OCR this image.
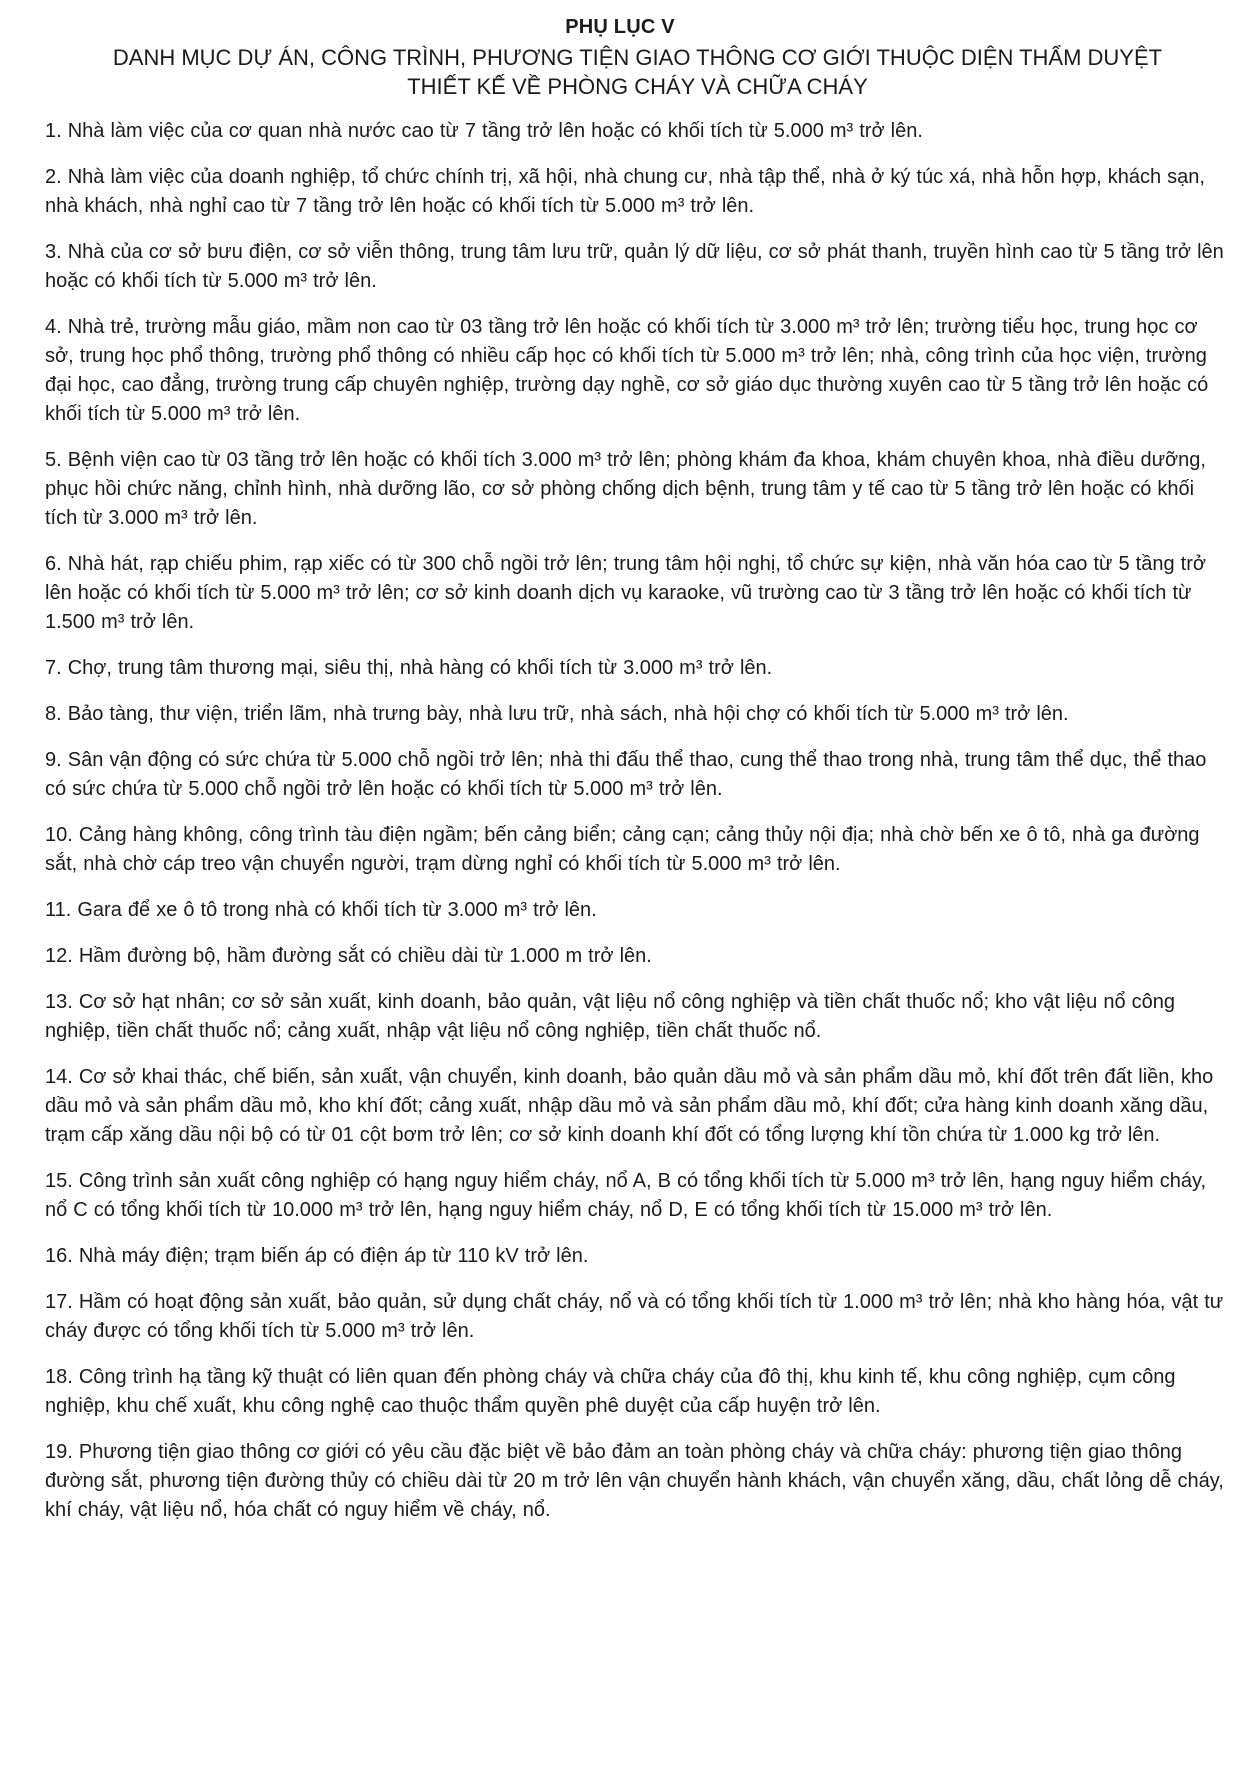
PHỤ LỤC V
DANH MỤC DỰ ÁN, CÔNG TRÌNH, PHƯƠNG TIỆN GIAO THÔNG CƠ GIỚI THUỘC DIỆN THẨM DUYỆT THIẾT KẾ VỀ PHÒNG CHÁY VÀ CHỮA CHÁY

1. Nhà làm việc của cơ quan nhà nước cao từ 7 tầng trở lên hoặc có khối tích từ 5.000 m³ trở lên.

2. Nhà làm việc của doanh nghiệp, tổ chức chính trị, xã hội, nhà chung cư, nhà tập thể, nhà ở ký túc xá, nhà hỗn hợp, khách sạn, nhà khách, nhà nghỉ cao từ 7 tầng trở lên hoặc có khối tích từ 5.000 m³ trở lên.

3. Nhà của cơ sở bưu điện, cơ sở viễn thông, trung tâm lưu trữ, quản lý dữ liệu, cơ sở phát thanh, truyền hình cao từ 5 tầng trở lên hoặc có khối tích từ 5.000 m³ trở lên.

4. Nhà trẻ, trường mẫu giáo, mầm non cao từ 03 tầng trở lên hoặc có khối tích từ 3.000 m³ trở lên; trường tiểu học, trung học cơ sở, trung học phổ thông, trường phổ thông có nhiều cấp học có khối tích từ 5.000 m³ trở lên; nhà, công trình của học viện, trường đại học, cao đẳng, trường trung cấp chuyên nghiệp, trường dạy nghề, cơ sở giáo dục thường xuyên cao từ 5 tầng trở lên hoặc có khối tích từ 5.000 m³ trở lên.

5. Bệnh viện cao từ 03 tầng trở lên hoặc có khối tích 3.000 m³ trở lên; phòng khám đa khoa, khám chuyên khoa, nhà điều dưỡng, phục hồi chức năng, chỉnh hình, nhà dưỡng lão, cơ sở phòng chống dịch bệnh, trung tâm y tế cao từ 5 tầng trở lên hoặc có khối tích từ 3.000 m³ trở lên.

6. Nhà hát, rạp chiếu phim, rạp xiếc có từ 300 chỗ ngồi trở lên; trung tâm hội nghị, tổ chức sự kiện, nhà văn hóa cao từ 5 tầng trở lên hoặc có khối tích từ 5.000 m³ trở lên; cơ sở kinh doanh dịch vụ karaoke, vũ trường cao từ 3 tầng trở lên hoặc có khối tích từ 1.500 m³ trở lên.

7. Chợ, trung tâm thương mại, siêu thị, nhà hàng có khối tích từ 3.000 m³ trở lên.

8. Bảo tàng, thư viện, triển lãm, nhà trưng bày, nhà lưu trữ, nhà sách, nhà hội chợ có khối tích từ 5.000 m³ trở lên.

9. Sân vận động có sức chứa từ 5.000 chỗ ngồi trở lên; nhà thi đấu thể thao, cung thể thao trong nhà, trung tâm thể dục, thể thao có sức chứa từ 5.000 chỗ ngồi trở lên hoặc có khối tích từ 5.000 m³ trở lên.

10. Cảng hàng không, công trình tàu điện ngầm; bến cảng biển; cảng cạn; cảng thủy nội địa; nhà chờ bến xe ô tô, nhà ga đường sắt, nhà chờ cáp treo vận chuyển người, trạm dừng nghỉ có khối tích từ 5.000 m³ trở lên.

11. Gara để xe ô tô trong nhà có khối tích từ 3.000 m³ trở lên.

12. Hầm đường bộ, hầm đường sắt có chiều dài từ 1.000 m trở lên.

13. Cơ sở hạt nhân; cơ sở sản xuất, kinh doanh, bảo quản, vật liệu nổ công nghiệp và tiền chất thuốc nổ; kho vật liệu nổ công nghiệp, tiền chất thuốc nổ; cảng xuất, nhập vật liệu nổ công nghiệp, tiền chất thuốc nổ.

14. Cơ sở khai thác, chế biến, sản xuất, vận chuyển, kinh doanh, bảo quản dầu mỏ và sản phẩm dầu mỏ, khí đốt trên đất liền, kho dầu mỏ và sản phẩm dầu mỏ, kho khí đốt; cảng xuất, nhập dầu mỏ và sản phẩm dầu mỏ, khí đốt; cửa hàng kinh doanh xăng dầu, trạm cấp xăng dầu nội bộ có từ 01 cột bơm trở lên; cơ sở kinh doanh khí đốt có tổng lượng khí tồn chứa từ 1.000 kg trở lên.

15. Công trình sản xuất công nghiệp có hạng nguy hiểm cháy, nổ A, B có tổng khối tích từ 5.000 m³ trở lên, hạng nguy hiểm cháy, nổ C có tổng khối tích từ 10.000 m³ trở lên, hạng nguy hiểm cháy, nổ D, E có tổng khối tích từ 15.000 m³ trở lên.

16. Nhà máy điện; trạm biến áp có điện áp từ 110 kV trở lên.

17. Hầm có hoạt động sản xuất, bảo quản, sử dụng chất cháy, nổ và có tổng khối tích từ 1.000 m³ trở lên; nhà kho hàng hóa, vật tư cháy được có tổng khối tích từ 5.000 m³ trở lên.

18. Công trình hạ tầng kỹ thuật có liên quan đến phòng cháy và chữa cháy của đô thị, khu kinh tế, khu công nghiệp, cụm công nghiệp, khu chế xuất, khu công nghệ cao thuộc thẩm quyền phê duyệt của cấp huyện trở lên.

19. Phương tiện giao thông cơ giới có yêu cầu đặc biệt về bảo đảm an toàn phòng cháy và chữa cháy: phương tiện giao thông đường sắt, phương tiện đường thủy có chiều dài từ 20 m trở lên vận chuyển hành khách, vận chuyển xăng, dầu, chất lỏng dễ cháy, khí cháy, vật liệu nổ, hóa chất có nguy hiểm về cháy, nổ.
